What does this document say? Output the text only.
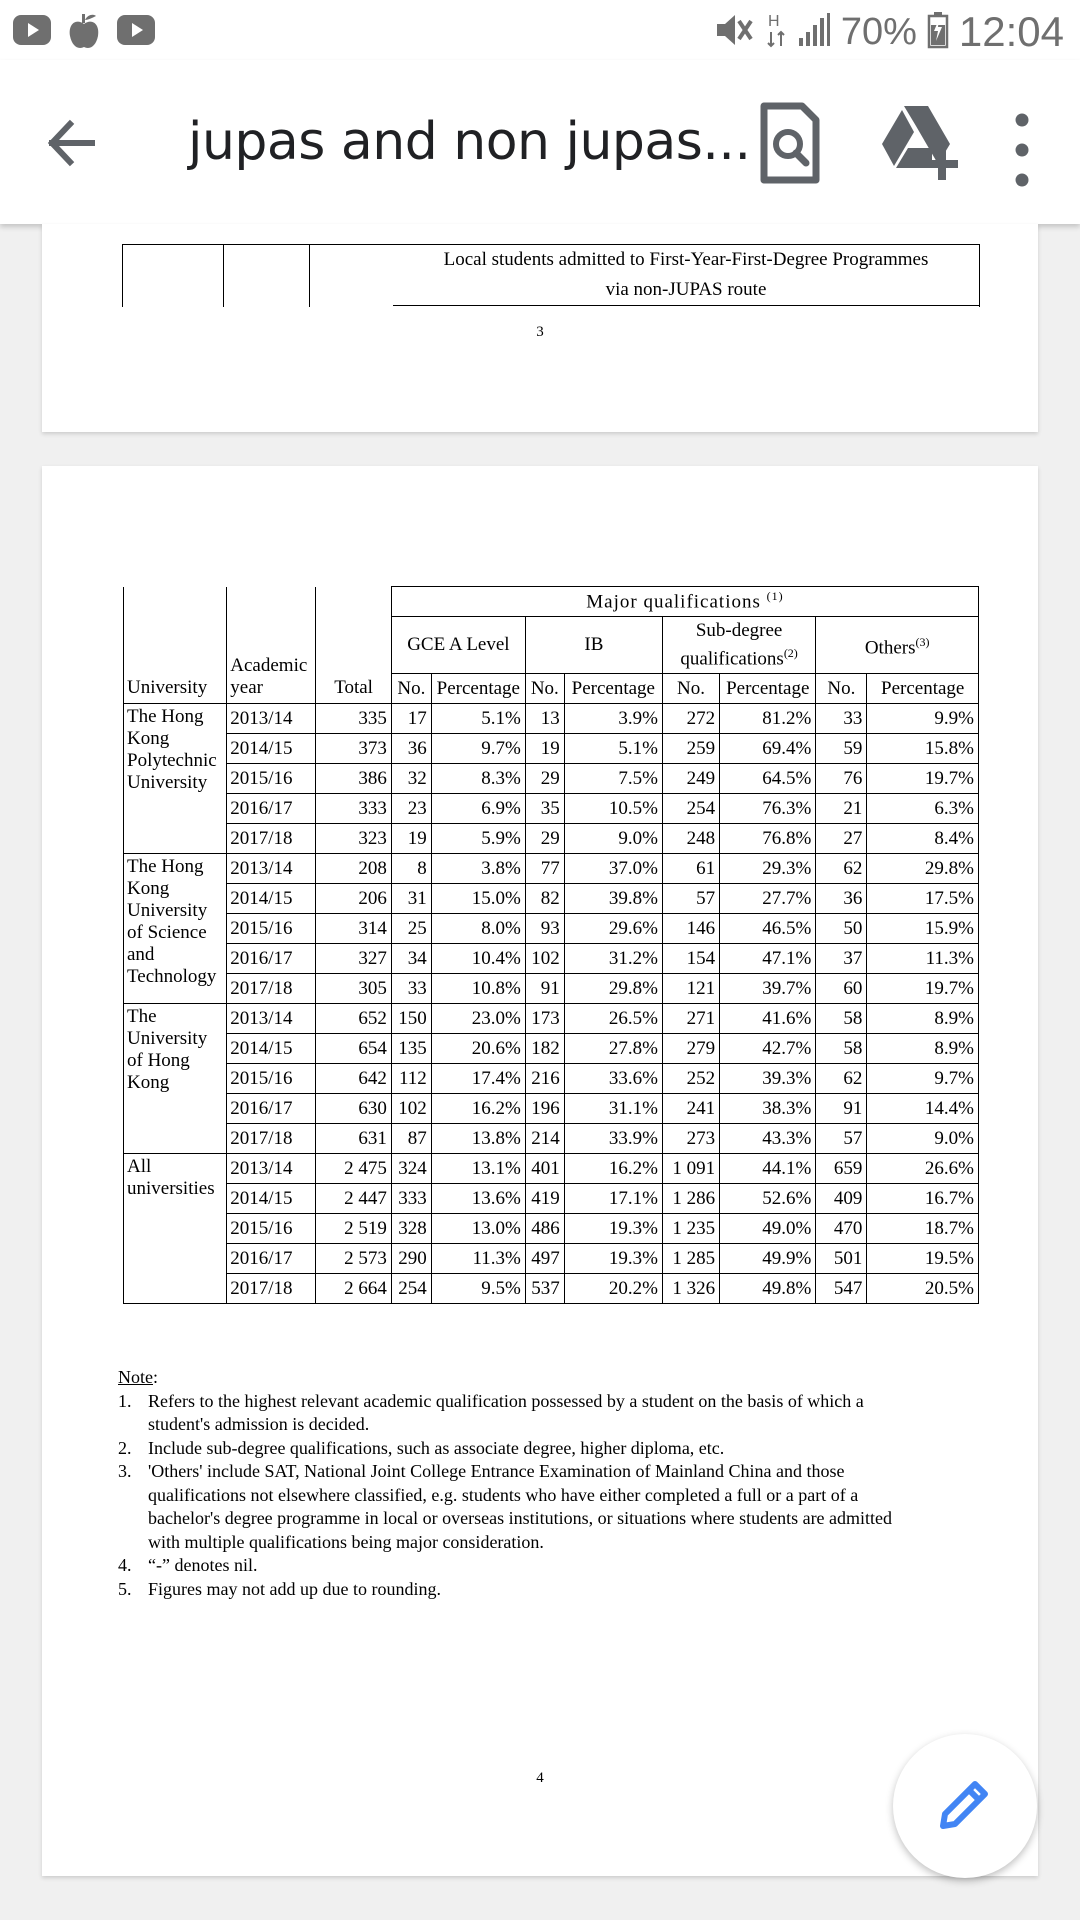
H 70% 12:04
jupas and non jupas...
Local students admitted to First-Year-First-Degree Programmes
via non-JUPAS route
3
University	Academic year	Total	Major qualifications $^{(1)}$
			GCE A Level		IB		Sub-degree qualifications$^{(2)}$		Others$^{(3)}$
			No.	Percentage	No.	Percentage	No.	Percentage	No.	Percentage
The Hong Kong Polytechnic University	2013/14	335	17	5.1%	13	3.9%	272	81.2%	33	9.9%
	2014/15	373	36	9.7%	19	5.1%	259	69.4%	59	15.8%
	2015/16	386	32	8.3%	29	7.5%	249	64.5%	76	19.7%
	2016/17	333	23	6.9%	35	10.5%	254	76.3%	21	6.3%
	2017/18	323	19	5.9%	29	9.0%	248	76.8%	27	8.4%
The Hong Kong University of Science and Technology	2013/14	208	8	3.8%	77	37.0%	61	29.3%	62	29.8%
	2014/15	206	31	15.0%	82	39.8%	57	27.7%	36	17.5%
	2015/16	314	25	8.0%	93	29.6%	146	46.5%	50	15.9%
	2016/17	327	34	10.4%	102	31.2%	154	47.1%	37	11.3%
	2017/18	305	33	10.8%	91	29.8%	121	39.7%	60	19.7%
The University of Hong Kong	2013/14	652	150	23.0%	173	26.5%	271	41.6%	58	8.9%
	2014/15	654	135	20.6%	182	27.8%	279	42.7%	58	8.9%
	2015/16	642	112	17.4%	216	33.6%	252	39.3%	62	9.7%
	2016/17	630	102	16.2%	196	31.1%	241	38.3%	91	14.4%
	2017/18	631	87	13.8%	214	33.9%	273	43.3%	57	9.0%
All universities	2013/14	2 475	324	13.1%	401	16.2%	1 091	44.1%	659	26.6%
	2014/15	2 447	333	13.6%	419	17.1%	1 286	52.6%	409	16.7%
	2015/16	2 519	328	13.0%	486	19.3%	1 235	49.0%	470	18.7%
	2016/17	2 573	290	11.3%	497	19.3%	1 285	49.9%	501	19.5%
	2017/18	2 664	254	9.5%	537	20.2%	1 326	49.8%	547	20.5%
Note:
1. Refers to the highest relevant academic qualification possessed by a student on the basis of which a student's admission is decided.
2. Include sub-degree qualifications, such as associate degree, higher diploma, etc.
3. 'Others' include SAT, National Joint College Entrance Examination of Mainland China and those qualifications not elsewhere classified, e.g. students who have either completed a full or a part of a bachelor's degree programme in local or overseas institutions, or situations where students are admitted with multiple qualifications being major consideration.
4. “-” denotes nil.
5. Figures may not add up due to rounding.
4
